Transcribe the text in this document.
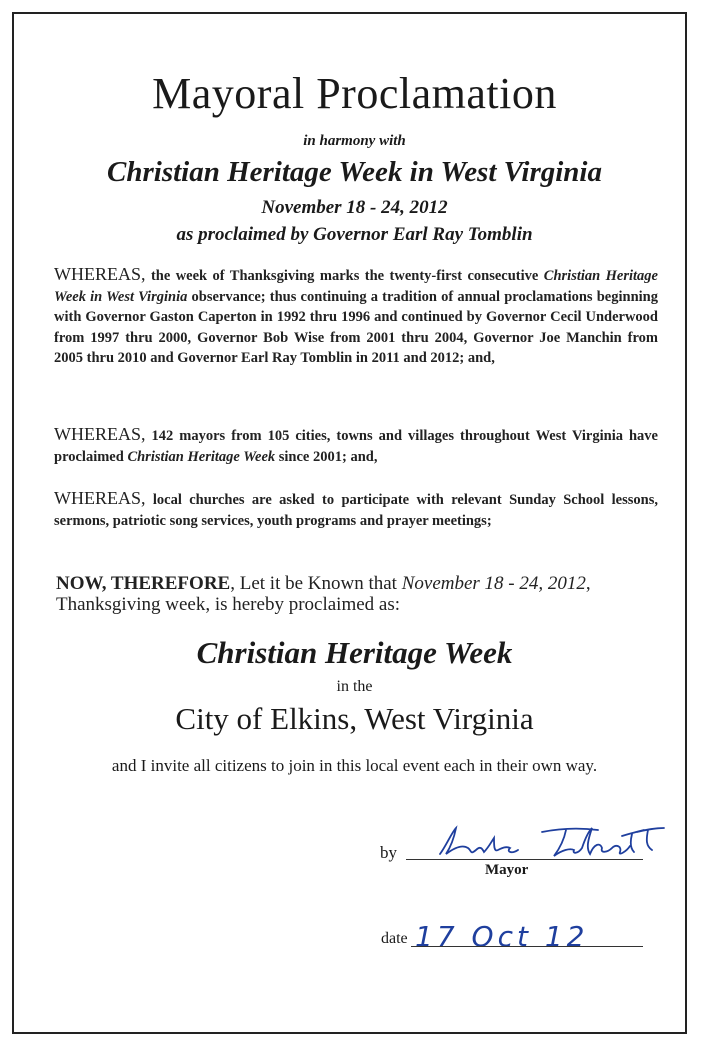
Mayoral Proclamation
in harmony with
Christian Heritage Week in West Virginia
November 18 - 24, 2012
as proclaimed by Governor Earl Ray Tomblin
WHEREAS, the week of Thanksgiving marks the twenty-first consecutive Christian Heritage Week in West Virginia observance; thus continuing a tradition of annual proclamations beginning with Governor Gaston Caperton in 1992 thru 1996 and continued by Governor Cecil Underwood from 1997 thru 2000, Governor Bob Wise from 2001 thru 2004, Governor Joe Manchin from 2005 thru 2010 and Governor Earl Ray Tomblin in 2011 and 2012; and,
WHEREAS, 142 mayors from 105 cities, towns and villages throughout West Virginia have proclaimed Christian Heritage Week since 2001; and,
WHEREAS, local churches are asked to participate with relevant Sunday School lessons, sermons, patriotic song services, youth programs and prayer meetings;
NOW, THEREFORE, Let it be Known that November 18 - 24, 2012, Thanksgiving week, is hereby proclaimed as:
Christian Heritage Week
in the
City of Elkins, West Virginia
and I invite all citizens to join in this local event each in their own way.
by
Mayor
date 17 Oct 12
